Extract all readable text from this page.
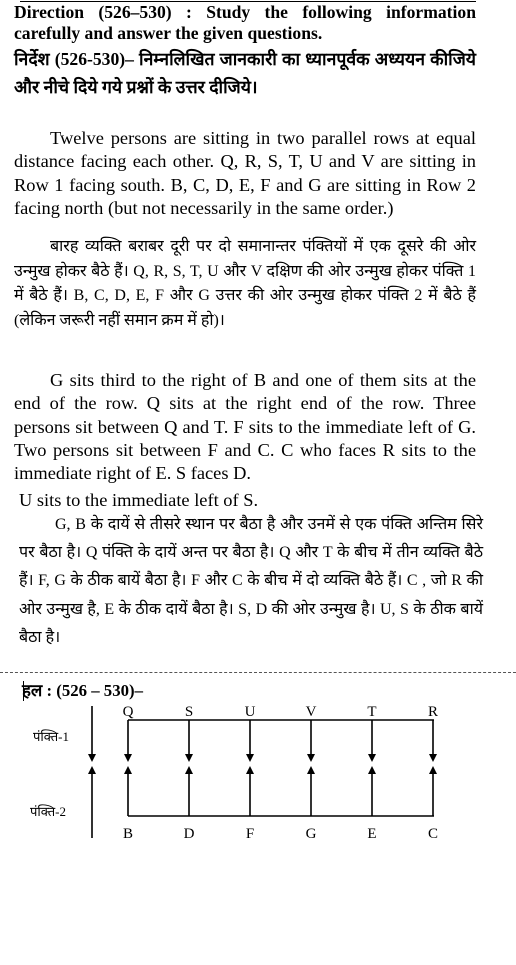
Direction (526–530) : Study the following information carefully and answer the given questions.
निर्देश (526-530)– निम्नलिखित जानकारी का ध्यानपूर्वक अध्ययन कीजिये और नीचे दिये गये प्रश्नों के उत्तर दीजिये।
Twelve persons are sitting in two parallel rows at equal distance facing each other. Q, R, S, T, U and V are sitting in Row 1 facing south. B, C, D, E, F and G are sitting in Row 2 facing north (but not necessarily in the same order.)
बारह व्यक्ति बराबर दूरी पर दो समानान्तर पंक्तियों में एक दूसरे की ओर उन्मुख होकर बैठे हैं। Q, R, S, T, U और V दक्षिण की ओर उन्मुख होकर पंक्ति 1 में बैठे हैं। B, C, D, E, F और G उत्तर की ओर उन्मुख होकर पंक्ति 2 में बैठे हैं (लेकिन जरूरी नहीं समान क्रम में हो)।
G sits third to the right of B and one of them sits at the end of the row. Q sits at the right end of the row. Three persons sit between Q and T. F sits to the immediate left of G. Two persons sit between F and C. C who faces R sits to the immediate right of E. S faces D.
U sits to the immediate left of S.
G, B के दायें से तीसरे स्थान पर बैठा है और उनमें से एक पंक्ति अन्तिम सिरे पर बैठा है। Q पंक्ति के दायें अन्त पर बैठा है। Q और T के बीच में तीन व्यक्ति बैठे हैं। F, G के ठीक बायें बैठा है। F और C के बीच में दो व्यक्ति बैठे हैं। C , जो R की ओर उन्मुख है, E के ठीक दायें बैठा है। S, D की ओर उन्मुख है। U, S के ठीक बायें बैठा है।
हल : (526 – 530)–
पंक्ति-1
पंक्ति-2
Q	S	U	V	T	R
B	D	F	G	E	C
